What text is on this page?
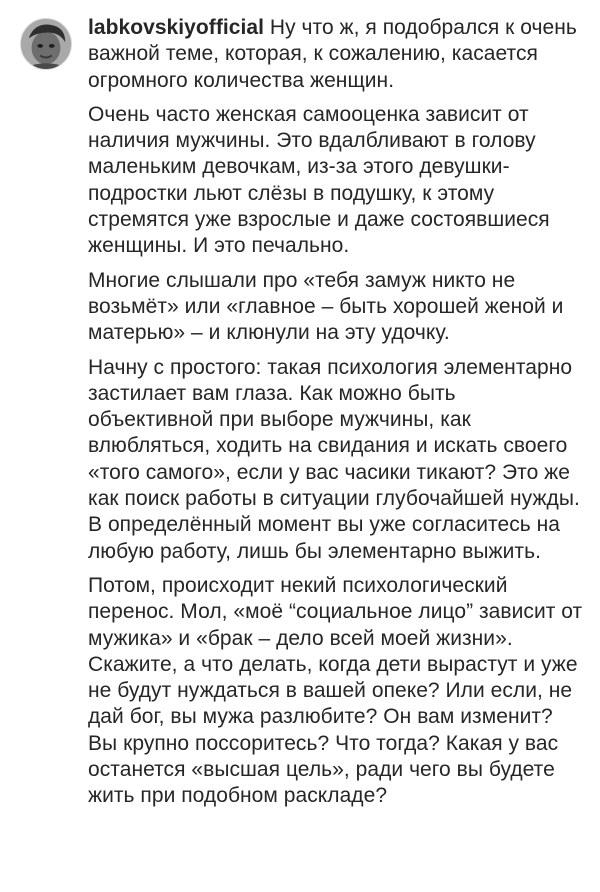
labkovskiyofficial Ну что ж, я подобрался к очень важной теме, которая, к сожалению, касается огромного количества женщин.

Очень часто женская самооценка зависит от наличия мужчины. Это вдалбливают в голову маленьким девочкам, из-за этого девушки-подростки льют слёзы в подушку, к этому стремятся уже взрослые и даже состоявшиеся женщины. И это печально.

Многие слышали про «тебя замуж никто не возьмёт» или «главное – быть хорошей женой и матерью» – и клюнули на эту удочку.

Начну с простого: такая психология элементарно застилает вам глаза. Как можно быть объективной при выборе мужчины, как влюбляться, ходить на свидания и искать своего «того самого», если у вас часики тикают? Это же как поиск работы в ситуации глубочайшей нужды. В определённый момент вы уже согласитесь на любую работу, лишь бы элементарно выжить.

Потом, происходит некий психологический перенос. Мол, «моё “социальное лицо” зависит от мужика» и «брак – дело всей моей жизни». Скажите, а что делать, когда дети вырастут и уже не будут нуждаться в вашей опеке? Или если, не дай бог, вы мужа разлюбите? Он вам изменит? Вы крупно поссоритесь? Что тогда? Какая у вас останется «высшая цель», ради чего вы будете жить при подобном раскладе?
